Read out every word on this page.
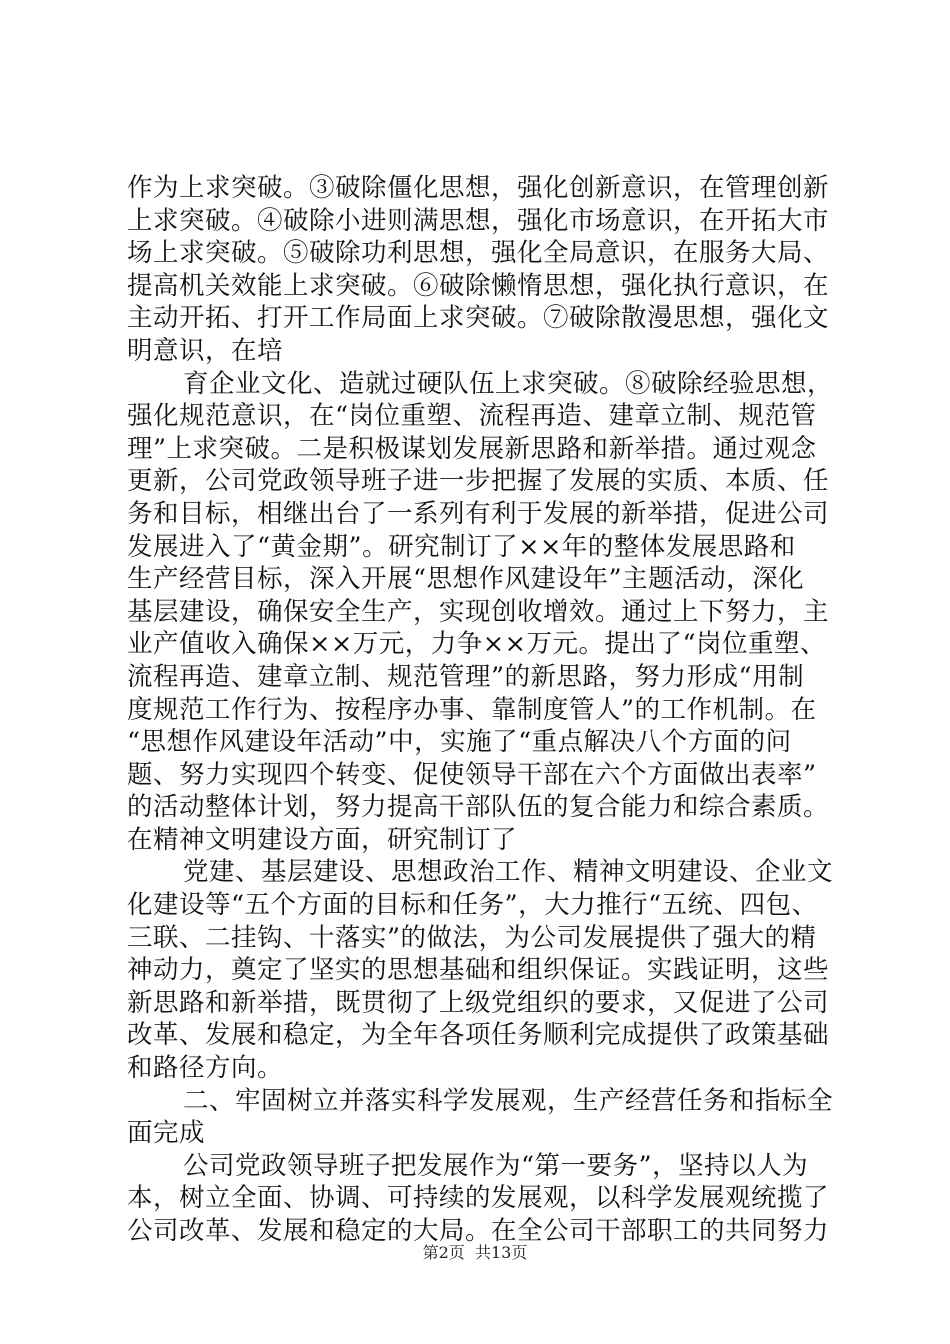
作为上求突破。③破除僵化思想，强化创新意识，在管理创新
上求突破。④破除小进则满思想，强化市场意识，在开拓大市
场上求突破。⑤破除功利思想，强化全局意识，在服务大局、
提高机关效能上求突破。⑥破除懒惰思想，强化执行意识，在
主动开拓、打开工作局面上求突破。⑦破除散漫思想，强化文
明意识，在培
育企业文化、造就过硬队伍上求突破。⑧破除经验思想，
强化规范意识，在“岗位重塑、流程再造、建章立制、规范管
理”上求突破。二是积极谋划发展新思路和新举措。通过观念
更新，公司党政领导班子进一步把握了发展的实质、本质、任
务和目标，相继出台了一系列有利于发展的新举措，促进公司
发展进入了“黄金期”。研究制订了××年的整体发展思路和
生产经营目标，深入开展“思想作风建设年”主题活动，深化
基层建设，确保安全生产，实现创收增效。通过上下努力，主
业产值收入确保××万元，力争××万元。提出了“岗位重塑、
流程再造、建章立制、规范管理”的新思路，努力形成“用制
度规范工作行为、按程序办事、靠制度管人”的工作机制。在
“思想作风建设年活动”中，实施了“重点解决八个方面的问
题、努力实现四个转变、促使领导干部在六个方面做出表率”
的活动整体计划，努力提高干部队伍的复合能力和综合素质。
在精神文明建设方面，研究制订了
党建、基层建设、思想政治工作、精神文明建设、企业文
化建设等“五个方面的目标和任务”，大力推行“五统、四包、
三联、二挂钩、十落实”的做法，为公司发展提供了强大的精
神动力，奠定了坚实的思想基础和组织保证。实践证明，这些
新思路和新举措，既贯彻了上级党组织的要求，又促进了公司
改革、发展和稳定，为全年各项任务顺利完成提供了政策基础
和路径方向。
二、牢固树立并落实科学发展观，生产经营任务和指标全
面完成
公司党政领导班子把发展作为“第一要务”，坚持以人为
本，树立全面、协调、可持续的发展观，以科学发展观统揽了
公司改革、发展和稳定的大局。在全公司干部职工的共同努力
第2页 共13页
